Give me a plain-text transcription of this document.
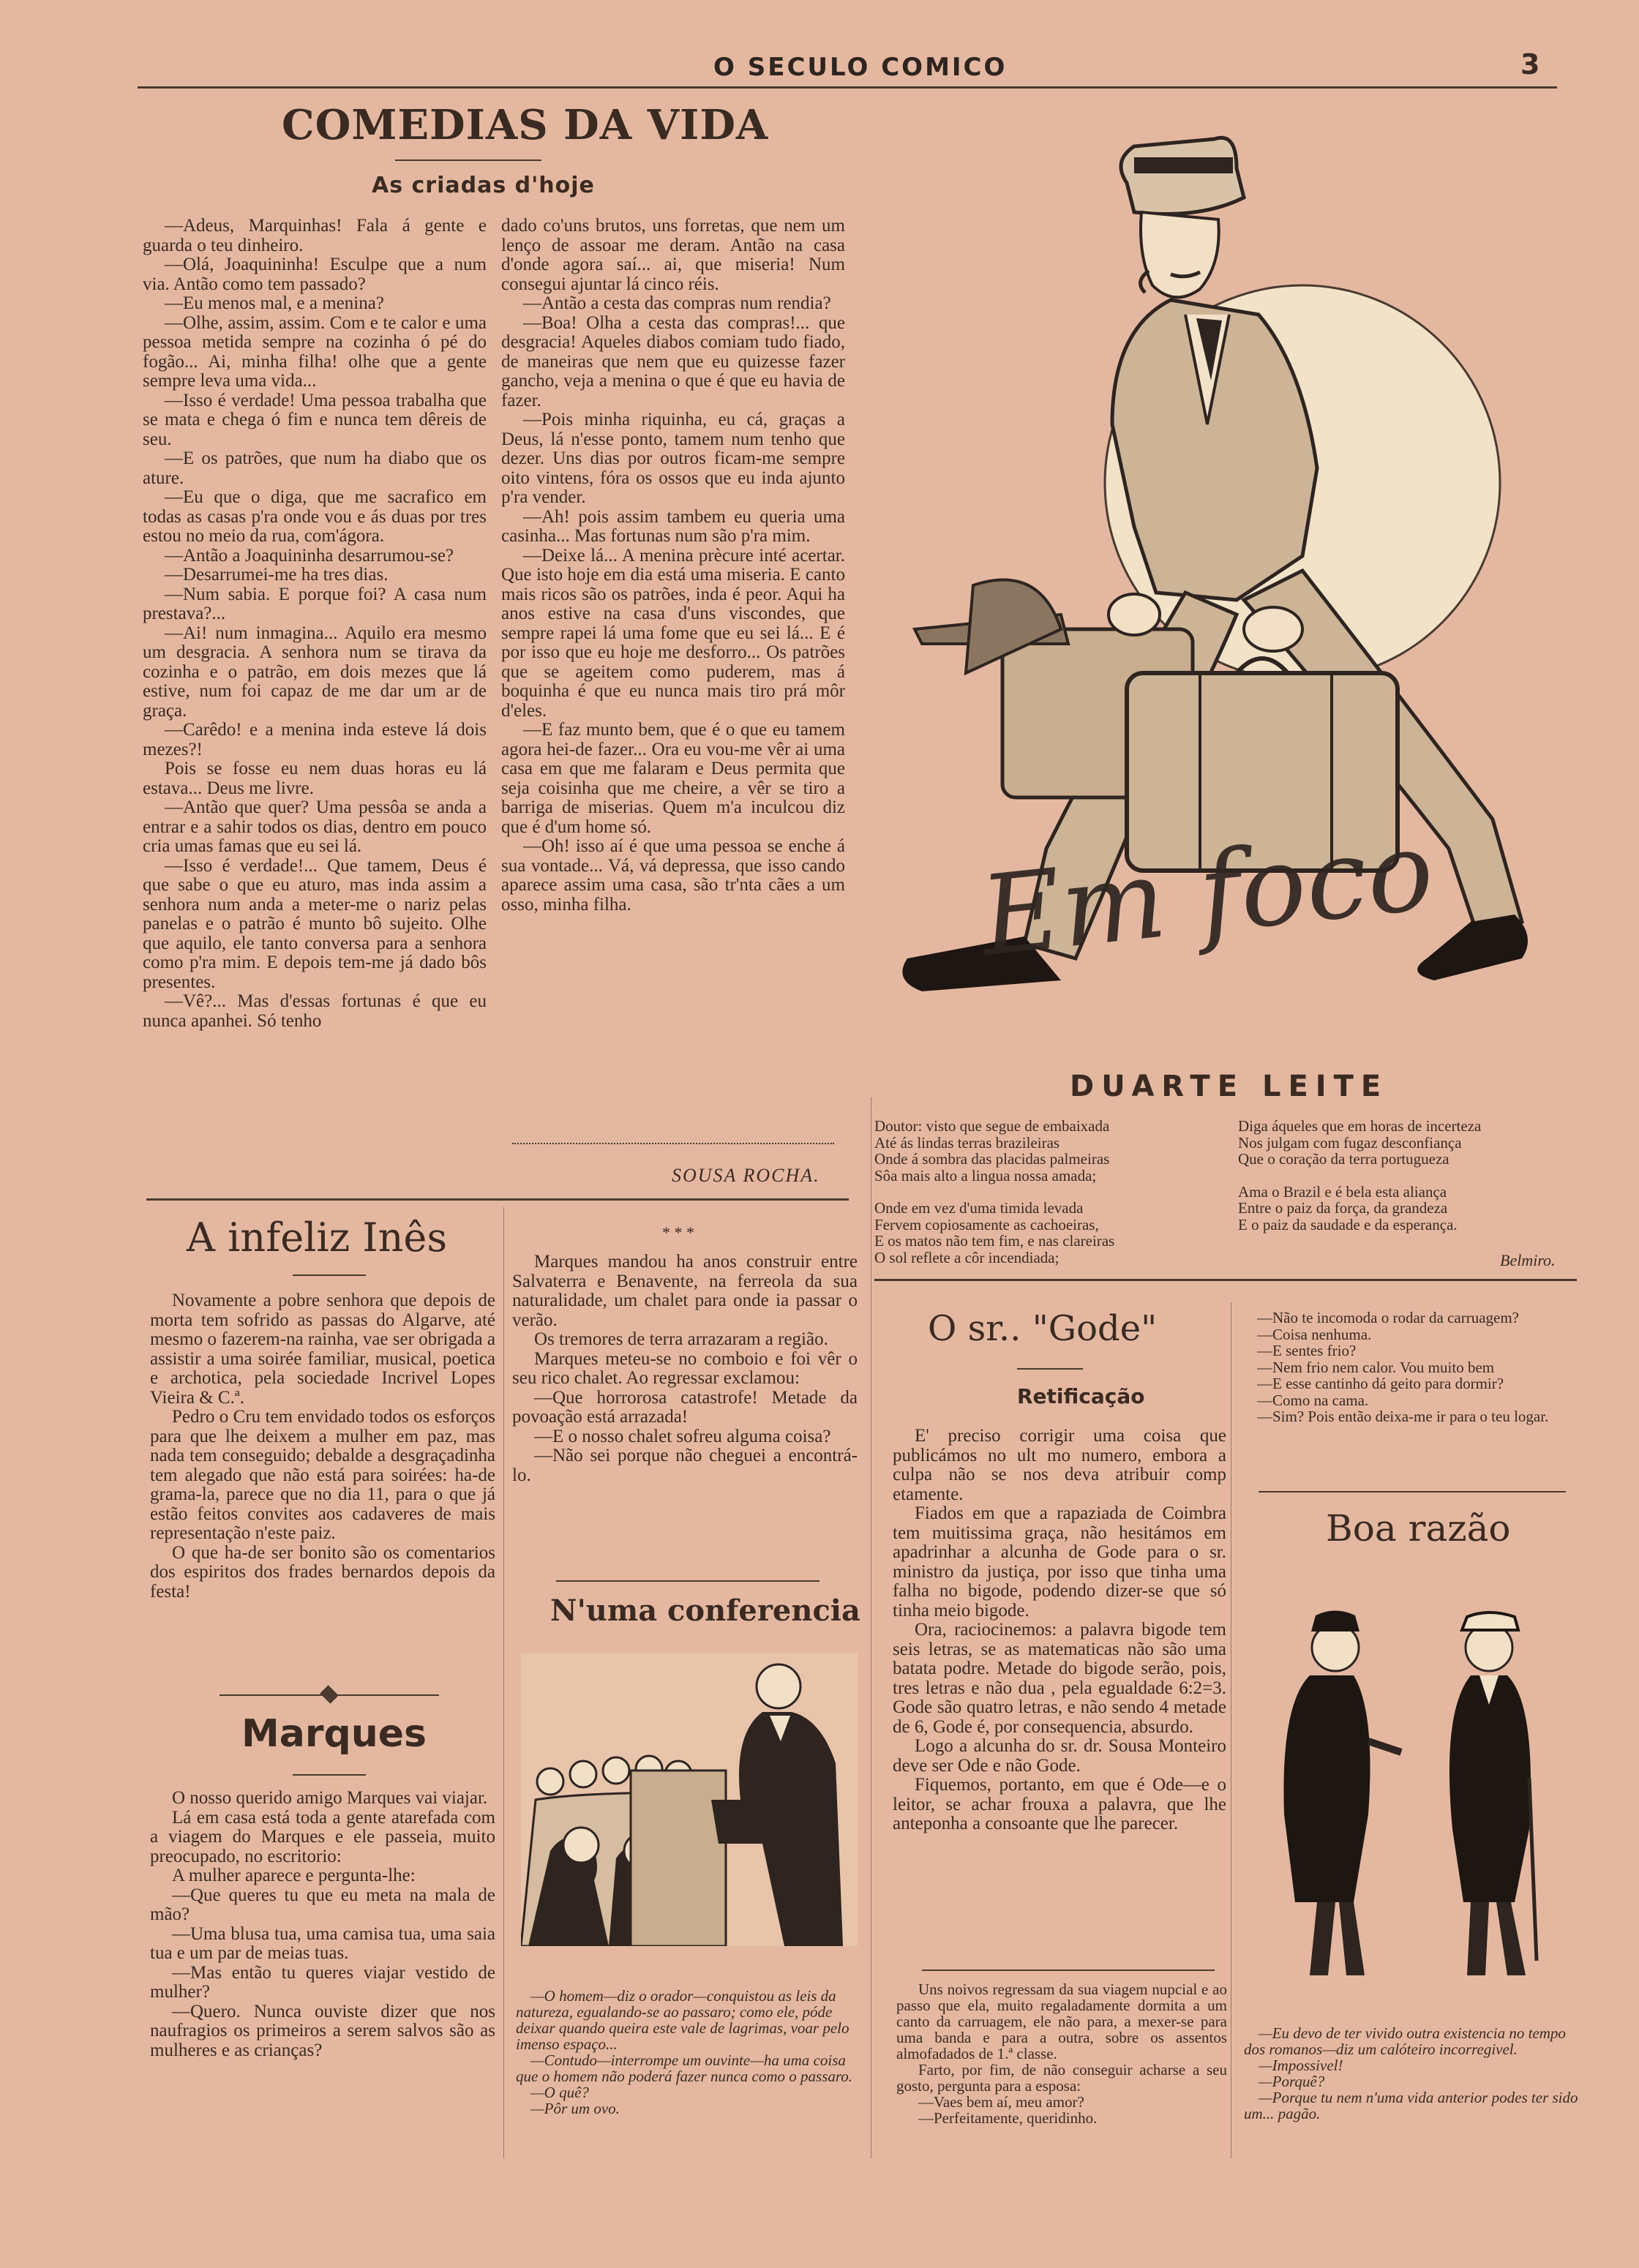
O SECULO COMICO	3
COMEDIAS DA VIDA
As criadas d'hoje

—Adeus, Marquinhas! Fala á gente e guarda o teu dinheiro.

—Olá, Joaquininha! Esculpe que a num via. Antão como tem passado?

—Eu menos mal, e a menina?

—Olhe, assim, assim. Com e te calor e uma pessoa metida sempre na cozinha ó pé do fogão... Ai, minha filha! olhe que a gente sempre leva uma vida...

—Isso é verdade! Uma pessoa trabalha que se mata e chega ó fim e nunca tem dêreis de seu.

—E os patrões, que num ha diabo que os ature.

—Eu que o diga, que me sacrafico em todas as casas p'ra onde vou e ás duas por tres estou no meio da rua, com'ágora.

—Antão a Joaquininha desarrumou-se?

—Desarrumei-me ha tres dias.

—Num sabia. E porque foi? A casa num prestava?...

—Ai! num inmagina... Aquilo era mesmo um desgracia. A senhora num se tirava da cozinha e o patrão, em dois mezes que lá estive, num foi capaz de me dar um ar de graça.

—Carêdo! e a menina inda esteve lá dois mezes?!

Pois se fosse eu nem duas horas eu lá estava... Deus me livre.

—Antão que quer? Uma pessôa se anda a entrar e a sahir todos os dias, dentro em pouco cria umas famas que eu sei lá.

—Isso é verdade!... Que tamem, Deus é que sabe o que eu aturo, mas inda assim a senhora num anda a meter-me o nariz pelas panelas e o patrão é munto bô sujeito. Olhe que aquilo, ele tanto conversa para a senhora como p'ra mim. E depois tem-me já dado bôs presentes.

—Vê?... Mas d'essas fortunas é que eu nunca apanhei. Só tenho

dado co'uns brutos, uns forretas, que nem um lenço de assoar me deram. Antão na casa d'onde agora saí... ai, que miseria! Num consegui ajuntar lá cinco réis.

—Antão a cesta das compras num rendia?

—Boa! Olha a cesta das compras!... que desgracia! Aqueles diabos comiam tudo fiado, de maneiras que nem que eu quizesse fazer gancho, veja a menina o que é que eu havia de fazer.

—Pois minha riquinha, eu cá, graças a Deus, lá n'esse ponto, tamem num tenho que dezer. Uns dias por outros ficam-me sempre oito vintens, fóra os ossos que eu inda ajunto p'ra vender.

—Ah! pois assim tambem eu queria uma casinha... Mas fortunas num são p'ra mim.

—Deixe lá... A menina prècure inté acertar. Que isto hoje em dia está uma miseria. E canto mais ricos são os patrões, inda é peor. Aqui ha anos estive na casa d'uns viscondes, que sempre rapei lá uma fome que eu sei lá... E é por isso que eu hoje me desforro... Os patrões que se ageitem como puderem, mas á boquinha é que eu nunca mais tiro prá môr d'eles.

—E faz munto bem, que é o que eu tamem agora hei-de fazer... Ora eu vou-me vêr ai uma casa em que me falaram e Deus permita que seja coisinha que me cheire, a vêr se tiro a barriga de miserias. Quem m'a inculcou diz que é d'um home só.

—Oh! isso aí é que uma pessoa se enche á sua vontade... Vá, vá depressa, que isso cando aparece assim uma casa, são tr'nta cães a um osso, minha filha.

SOUSA ROCHA.
Em foco
DUARTE LEITE
Doutor: visto que segue de embaixada
Até ás lindas terras brazileiras
Onde á sombra das placidas palmeiras
Sôa mais alto a lingua nossa amada;
Onde em vez d'uma timida levada
Fervem copiosamente as cachoeiras,
E os matos não tem fim, e nas clareiras
O sol reflete a côr incendiada;
Diga áqueles que em horas de incerteza
Nos julgam com fugaz desconfiança
Que o coração da terra portugueza
Ama o Brazil e é bela esta aliança
Entre o paiz da força, da grandeza
E o paiz da saudade e da esperança.
Belmiro.
A infeliz Inês

Novamente a pobre senhora que depois de morta tem sofrido as passas do Algarve, até mesmo o fazerem-na rainha, vae ser obrigada a assistir a uma soirée familiar, musical, poetica e archotica, pela sociedade Incrivel Lopes Vieira & C.ª.

Pedro o Cru tem envidado todos os esforços para que lhe deixem a mulher em paz, mas nada tem conseguido; debalde a desgraçadinha tem alegado que não está para soirées: ha-de grama-la, parece que no dia 11, para o que já estão feitos convites aos cadaveres de mais representação n'este paiz.

O que ha-de ser bonito são os comentarios dos espiritos dos frades bernardos depois da festa!

Marques

O nosso querido amigo Marques vai viajar.

Lá em casa está toda a gente atarefada com a viagem do Marques e ele passeia, muito preocupado, no escritorio:

A mulher aparece e pergunta-lhe:

—Que queres tu que eu meta na mala de mão?

—Uma blusa tua, uma camisa tua, uma saia tua e um par de meias tuas.

—Mas então tu queres viajar vestido de mulher?

—Quero. Nunca ouviste dizer que nos naufragios os primeiros a serem salvos são as mulheres e as crianças?

* * *

Marques mandou ha anos construir entre Salvaterra e Benavente, na ferreola da sua naturalidade, um chalet para onde ia passar o verão.

Os tremores de terra arrazaram a região.

Marques meteu-se no comboio e foi vêr o seu rico chalet. Ao regressar exclamou:

—Que horrorosa catastrofe! Metade da povoação está arrazada!

—E o nosso chalet sofreu alguma coisa?

—Não sei porque não cheguei a encontrá-lo.

N'uma conferencia
—O homem—diz o orador—conquistou as leis da natureza, egualando-se ao passaro; como ele, póde deixar quando queira este vale de lagrimas, voar pelo imenso espaço...
—Contudo—interrompe um ouvinte—ha uma coisa que o homem não poderá fazer nunca como o passaro.
—O quê?
—Pôr um ovo.
O sr.. "Gode"
Retificação

E' preciso corrigir uma coisa que publicámos no ult mo numero, embora a culpa não se nos deva atribuir comp etamente.

Fiados em que a rapaziada de Coimbra tem muitissima graça, não hesitámos em apadrinhar a alcunha de Gode para o sr. ministro da justiça, por isso que tinha uma falha no bigode, podendo dizer-se que só tinha meio bigode.

Ora, raciocinemos: a palavra bigode tem seis letras, se as matematicas não são uma batata podre. Metade do bigode serão, pois, tres letras e não dua , pela egualdade 6:2=3. Gode são quatro letras, e não sendo 4 metade de 6, Gode é, por consequencia, absurdo.

Logo a alcunha do sr. dr. Sousa Monteiro deve ser Ode e não Gode.

Fiquemos, portanto, em que é Ode—e o leitor, se achar frouxa a palavra, que lhe anteponha a consoante que lhe parecer.

Uns noivos regressam da sua viagem nupcial e ao passo que ela, muito regaladamente dormita a um canto da carruagem, ele não para, a mexer-se para uma banda e para a outra, sobre os assentos almofadados de 1.ª classe.

Farto, por fim, de não conseguir acharse a seu gosto, pergunta para a esposa:

—Vaes bem aí, meu amor?

—Perfeitamente, queridinho.

—Não te incomoda o rodar da carruagem?

—Coisa nenhuma.

—E sentes frio?

—Nem frio nem calor. Vou muito bem

—E esse cantinho dá geito para dormir?

—Como na cama.

—Sim? Pois então deixa-me ir para o teu logar.

Boa razão
—Eu devo de ter vivido outra existencia no tempo dos romanos—diz um calóteiro incorregivel.
—Impossivel!
—Porquê?
—Porque tu nem n'uma vida anterior podes ter sido um... pagão.
